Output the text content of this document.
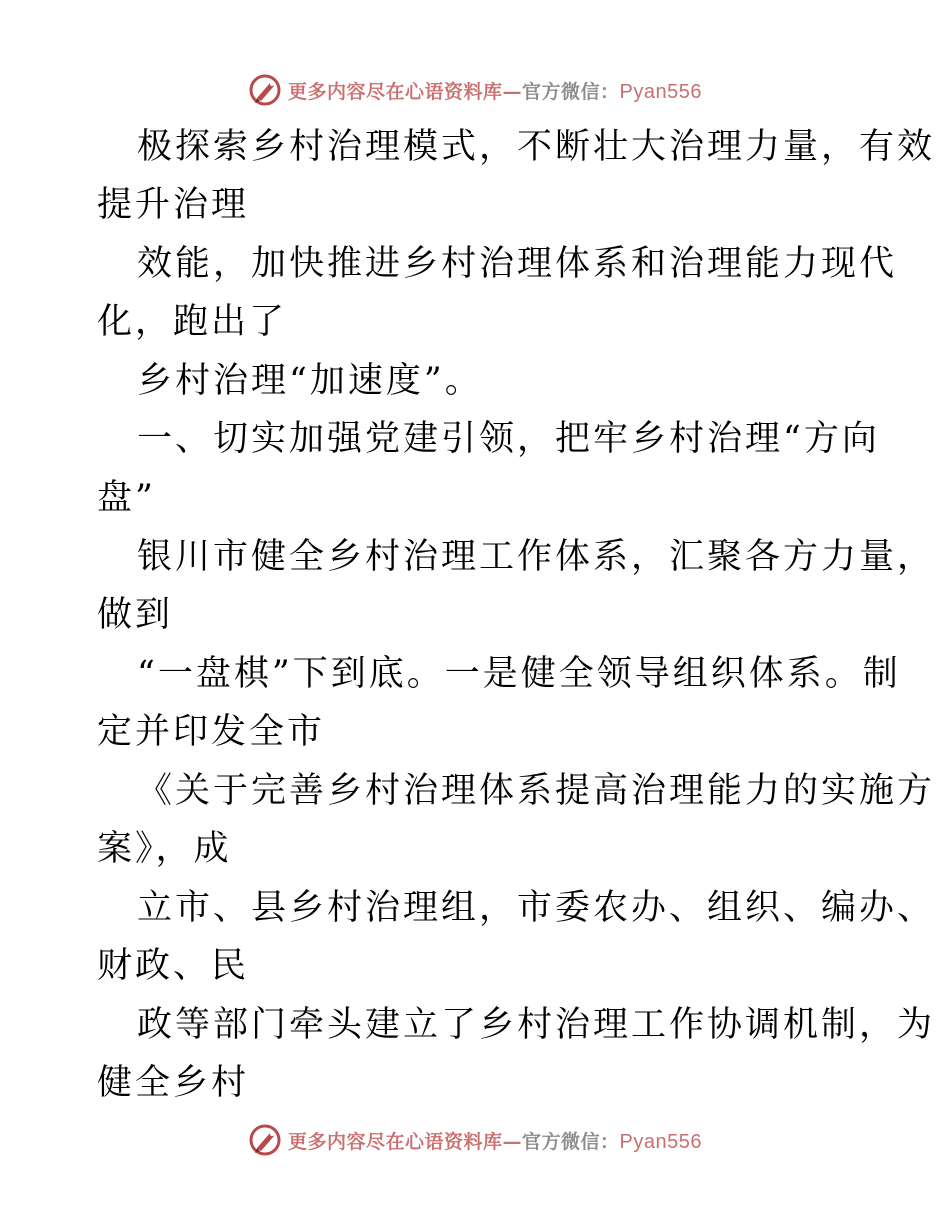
更多内容尽在心语资料库—官方微信：Pyan556
极探索乡村治理模式，不断壮大治理力量，有效
提升治理
效能，加快推进乡村治理体系和治理能力现代
化，跑出了
乡村治理“加速度”。
一、切实加强党建引领，把牢乡村治理“方向
盘”
银川市健全乡村治理工作体系，汇聚各方力量，
做到
“一盘棋”下到底。一是健全领导组织体系。制
定并印发全市
《关于完善乡村治理体系提高治理能力的实施方
案》，成
立市、县乡村治理组，市委农办、组织、编办、
财政、民
政等部门牵头建立了乡村治理工作协调机制，为
健全乡村
更多内容尽在心语资料库—官方微信：Pyan556
